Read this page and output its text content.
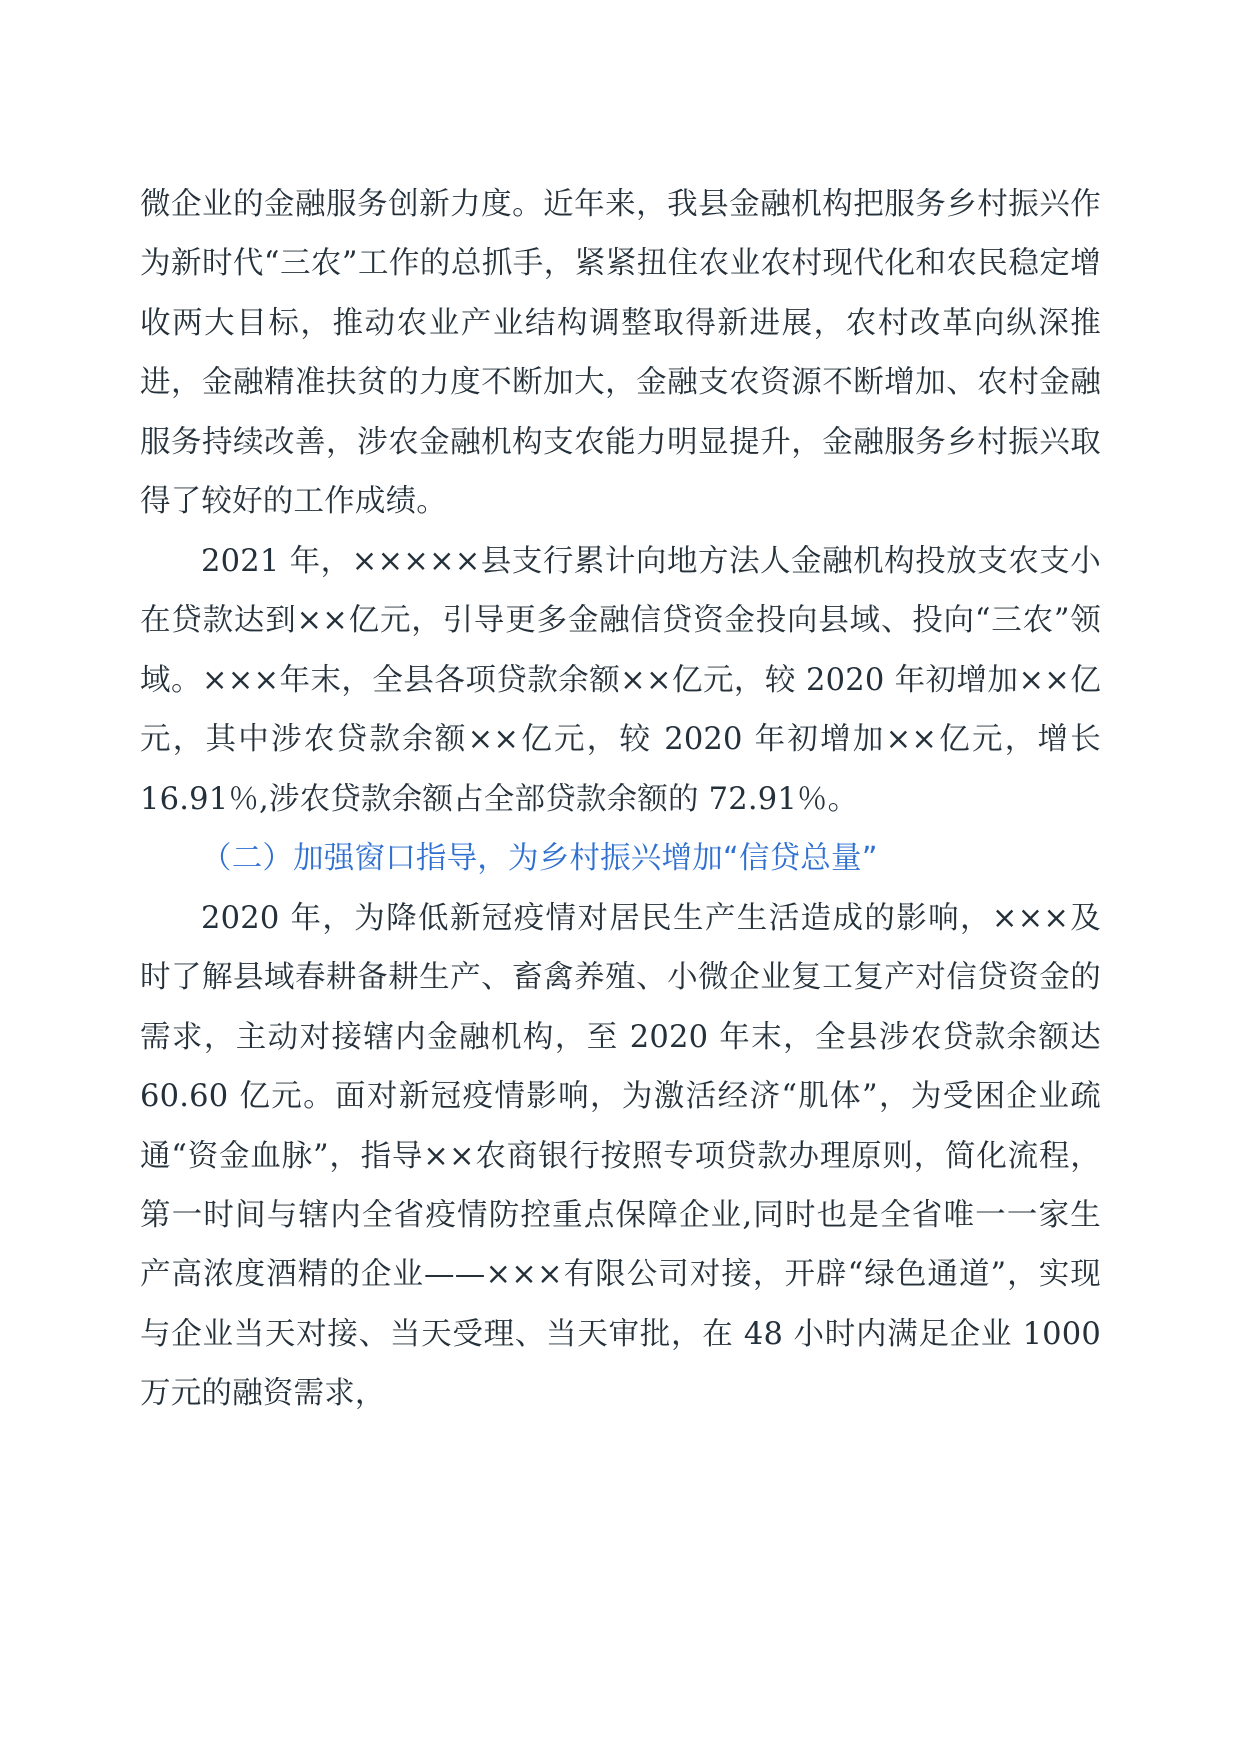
微企业的金融服务创新力度。近年来，我县金融机构把服务乡村振兴作为新时代“三农”工作的总抓手，紧紧扭住农业农村现代化和农民稳定增收两大目标，推动农业产业结构调整取得新进展，农村改革向纵深推进，金融精准扶贫的力度不断加大，金融支农资源不断增加、农村金融服务持续改善，涉农金融机构支农能力明显提升，金融服务乡村振兴取得了较好的工作成绩。

2021 年，×××××县支行累计向地方法人金融机构投放支农支小在贷款达到××亿元，引导更多金融信贷资金投向县域、投向“三农”领域。×××年末，全县各项贷款余额××亿元，较 2020 年初增加××亿元，其中涉农贷款余额××亿元，较 2020 年初增加××亿元，增长 16.91％,涉农贷款余额占全部贷款余额的 72.91％。

（二）加强窗口指导，为乡村振兴增加“信贷总量”

2020 年，为降低新冠疫情对居民生产生活造成的影响，×××及时了解县域春耕备耕生产、畜禽养殖、小微企业复工复产对信贷资金的需求，主动对接辖内金融机构，至 2020 年末，全县涉农贷款余额达 60.60 亿元。面对新冠疫情影响，为激活经济“肌体”，为受困企业疏通“资金血脉”，指导××农商银行按照专项贷款办理原则，简化流程，第一时间与辖内全省疫情防控重点保障企业,同时也是全省唯一一家生产高浓度酒精的企业——×××有限公司对接，开辟“绿色通道”，实现与企业当天对接、当天受理、当天审批，在 48 小时内满足企业 1000 万元的融资需求，
